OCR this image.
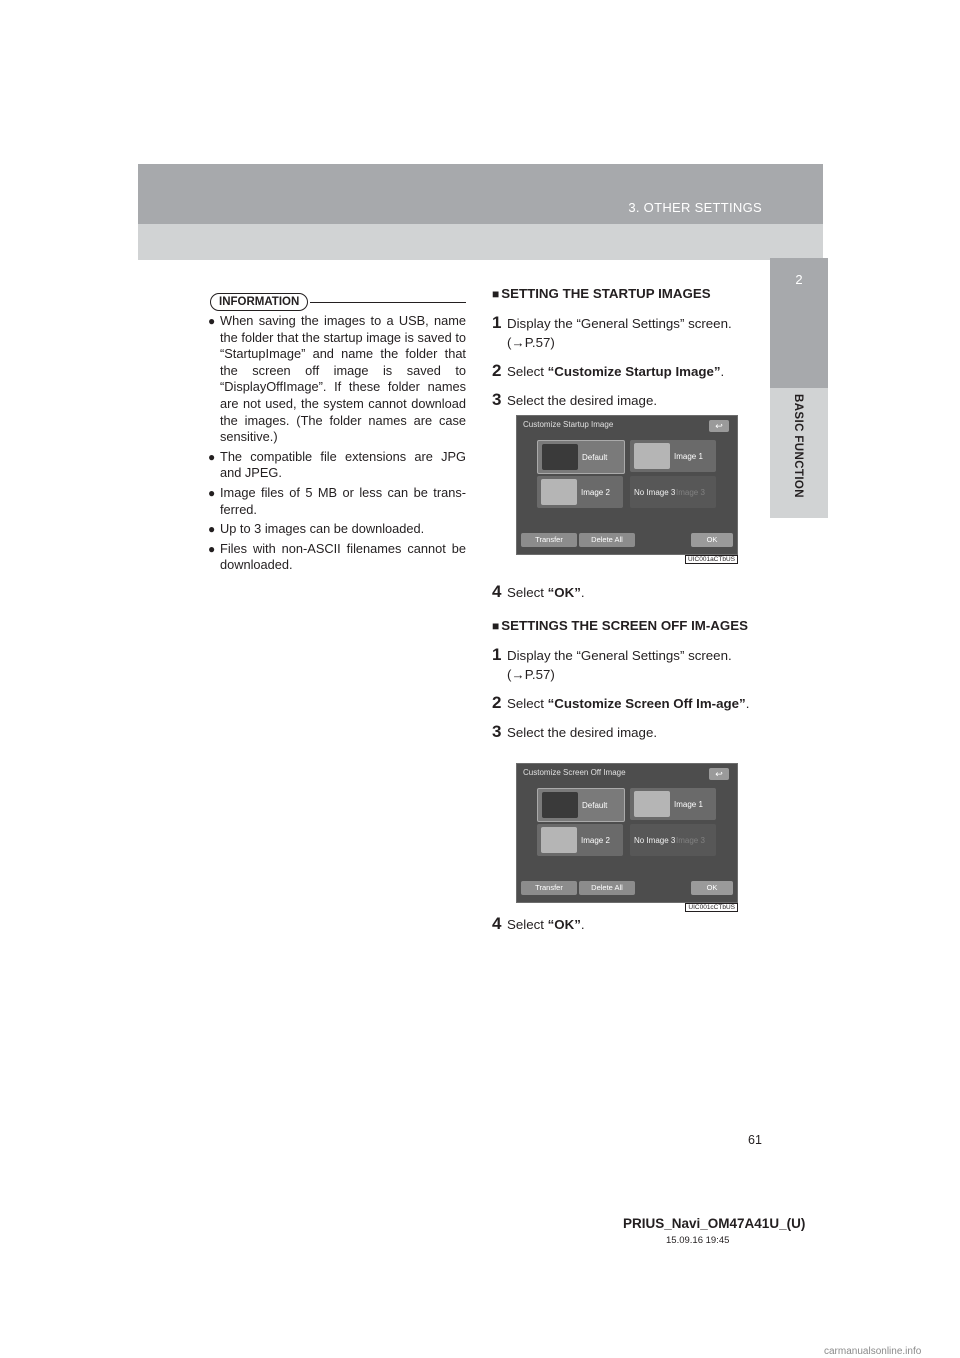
3. OTHER SETTINGS
2
BASIC FUNCTION
INFORMATION
● When saving the images to a USB, name the folder that the startup image is saved to “StartupImage” and name the folder that the screen off image is saved to “DisplayOffImage”. If these folder names are not used, the system cannot download the images. (The folder names are case sensitive.)
● The compatible file extensions are JPG and JPEG.
● Image files of 5 MB or less can be trans-ferred.
● Up to 3 images can be downloaded.
● Files with non-ASCII filenames cannot be downloaded.

■ SETTING THE STARTUP IMAGES

1 Display the “General Settings” screen. (→P.57)
2 Select “Customize Startup Image”.
3 Select the desired image.
4 Select “OK”.

■ SETTINGS THE SCREEN OFF IM-AGES

1 Display the “General Settings” screen. (→P.57)
2 Select “Customize Screen Off Im-age”.
3 Select the desired image.
4 Select “OK”.
Customize Startup Image	↩
Default	Image 1
Image 2	No Image 3 Image 3
Transfer	Delete All	OK
UIC001aCTbUS
Customize Screen Off Image	↩
Default	Image 1
Image 2	No Image 3 Image 3
Transfer	Delete All	OK
UIC001cCTbUS
61
PRIUS_Navi_OM47A41U_(U)
15.09.16 19:45
carmanualsonline.info
